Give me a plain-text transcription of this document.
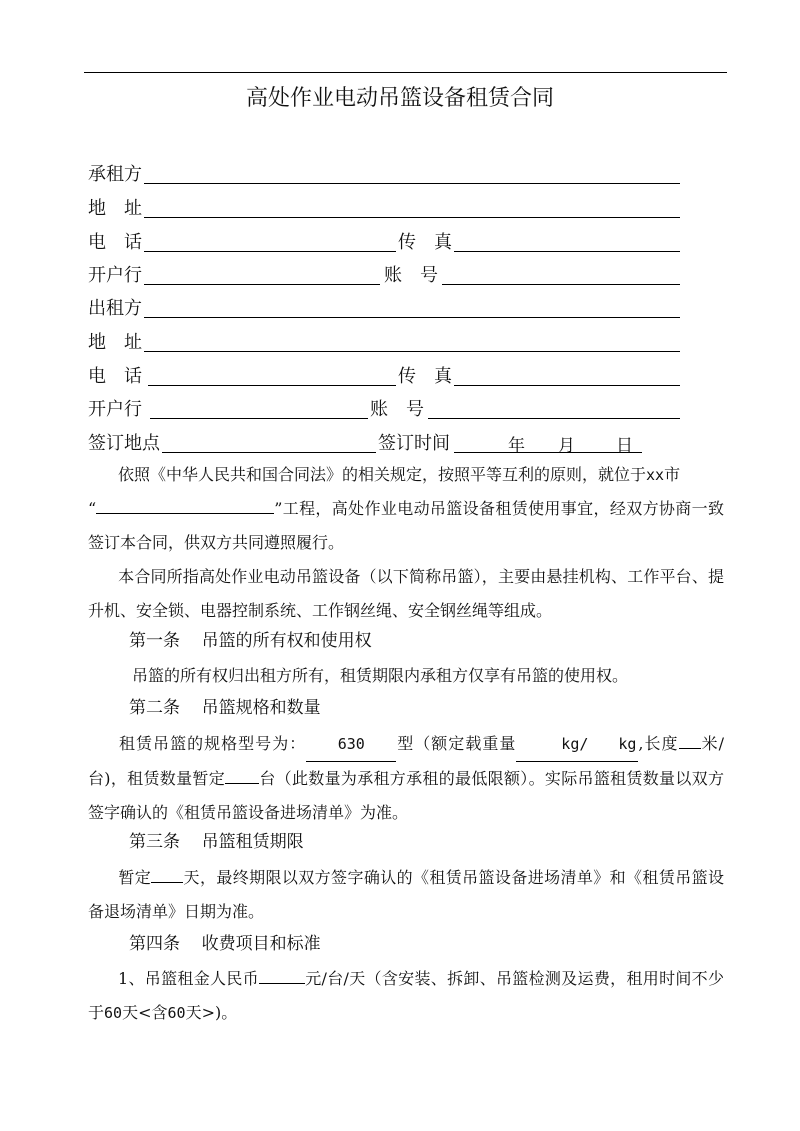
高处作业电动吊篮设备租赁合同
承租方
地　址
电　话	传　真
开户行	账　号
出租方
地　址
电　话	传　真
开户行	账　号
签订地点	签订时间	年 月 日
依照《中华人民共和国合同法》的相关规定，按照平等互利的原则，就位于xx市
“	”工程，高处作业电动吊篮设备租赁使用事宜，经双方协商一致签订本合同，供双方共同遵照履行。
本合同所指高处作业电动吊篮设备（以下简称吊篮），主要由悬挂机构、工作平台、提升机、安全锁、电器控制系统、工作钢丝绳、安全钢丝绳等组成。
第一条 吊篮的所有权和使用权
吊篮的所有权归出租方所有，租赁期限内承租方仅享有吊篮的使用权。
第二条 吊篮规格和数量
租赁吊篮的规格型号为： 630 型（额定载重量	kg/ kg ,长度 米/台)，租赁数量暂定 台（此数量为承租方承租的最低限额）。实际吊篮租赁数量以双方签字确认的《租赁吊篮设备进场清单》为准。
第三条 吊篮租赁期限
暂定 天，最终期限以双方签字确认的《租赁吊篮设备进场清单》和《租赁吊篮设备退场清单》日期为准。
第四条 收费项目和标准
1、吊篮租金人民币	元/台/天（含安装、拆卸、吊篮检测及运费，租用时间不少于60天<含60天>)。
